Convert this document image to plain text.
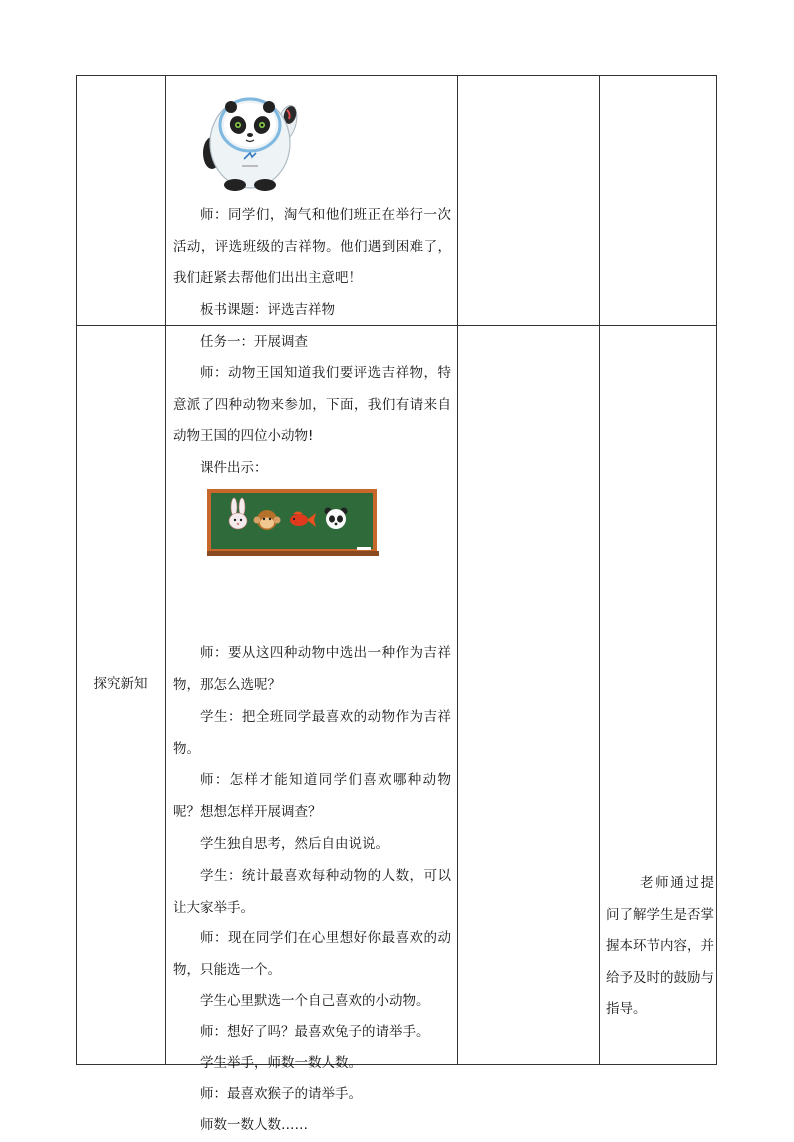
师：同学们，淘气和他们班正在举行一次活动，评选班级的吉祥物。他们遇到困难了，我们赶紧去帮他们出出主意吧！
板书课题：评选吉祥物
探究新知
任务一：开展调查
师：动物王国知道我们要评选吉祥物，特意派了四种动物来参加，下面，我们有请来自动物王国的四位小动物!
课件出示：
师：要从这四种动物中选出一种作为吉祥物，那怎么选呢？
学生：把全班同学最喜欢的动物作为吉祥物。
师：怎样才能知道同学们喜欢哪种动物呢？想想怎样开展调查？
学生独自思考，然后自由说说。
学生：统计最喜欢每种动物的人数，可以让大家举手。
师：现在同学们在心里想好你最喜欢的动物，只能选一个。
学生心里默选一个自己喜欢的小动物。
师：想好了吗？最喜欢兔子的请举手。
学生举手，师数一数人数。
师：最喜欢猴子的请举手。
师数一数人数……
老师通过提问了解学生是否掌握本环节内容，并给予及时的鼓励与指导。
